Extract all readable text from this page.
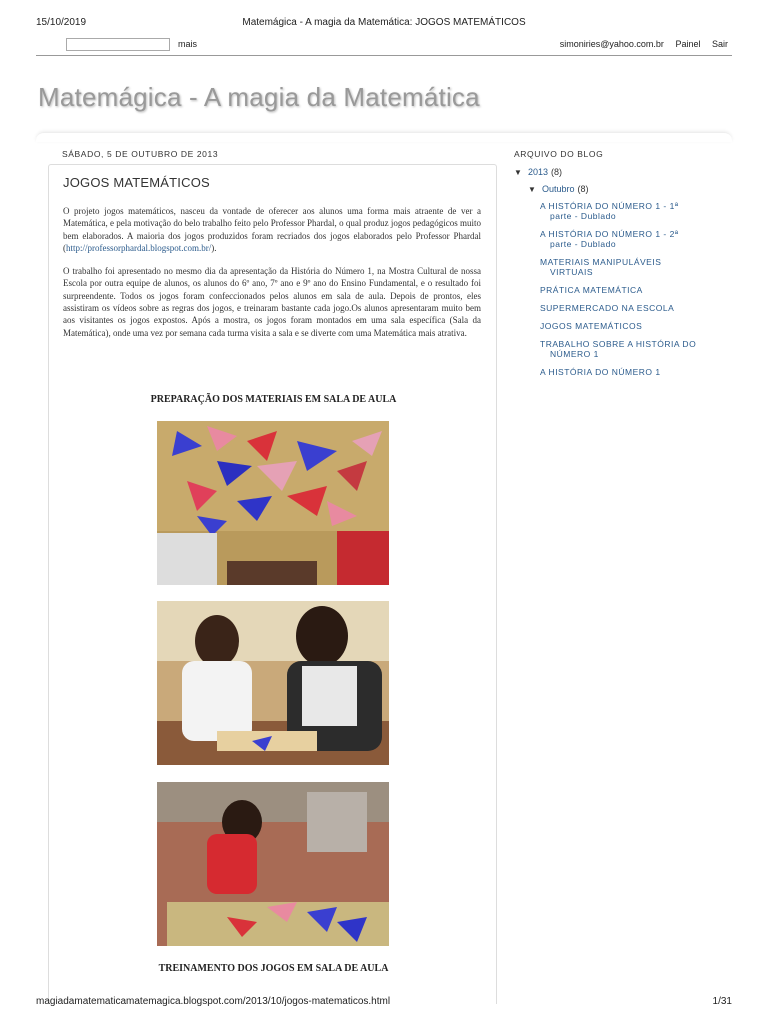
15/10/2019	Matemágica - A magia da Matemática: JOGOS MATEMÁTICOS
mais	simoniries@yahoo.com.br Painel Sair
Matemágica - A magia da Matemática
SÁBADO, 5 DE OUTUBRO DE 2013
JOGOS MATEMÁTICOS

O projeto jogos matemáticos, nasceu da vontade de oferecer aos alunos uma forma mais atraente de ver a Matemática, e pela motivação do belo trabalho feito pelo Professor Phardal, o qual produz jogos pedagógicos muito bem elaborados. A maioria dos jogos produzidos foram recriados dos jogos elaborados pelo Professor Phardal (http://professorphardal.blogspot.com.br/).

O trabalho foi apresentado no mesmo dia da apresentação da História do Número 1, na Mostra Cultural de nossa Escola por outra equipe de alunos, os alunos do 6º ano, 7º ano e 9º ano do Ensino Fundamental, e o resultado foi surpreendente. Todos os jogos foram confeccionados pelos alunos em sala de aula. Depois de prontos, eles assistiram os vídeos sobre as regras dos jogos, e treinaram bastante cada jogo.Os alunos apresentaram muito bem aos visitantes os jogos expostos. Após a mostra, os jogos foram montados em uma sala específica (Sala da Matemática), onde uma vez por semana cada turma visita a sala e se diverte com uma Matemática mais atrativa.

PREPARAÇÃO DOS MATERIAIS EM SALA DE AULA
TREINAMENTO DOS JOGOS EM SALA DE AULA
ARQUIVO DO BLOG
▼ 2013 (8)
▼ Outubro (8)
A HISTÓRIA DO NÚMERO 1 - 1ª
parte - Dublado
A HISTÓRIA DO NÚMERO 1 - 2ª
parte - Dublado
MATERIAIS MANIPULÁVEIS
VIRTUAIS
PRÁTICA MATEMÁTICA
SUPERMERCADO NA ESCOLA
JOGOS MATEMÁTICOS
TRABALHO SOBRE A HISTÓRIA DO
NÚMERO 1
A HISTÓRIA DO NÚMERO 1
magiadamatematicamatemagica.blogspot.com/2013/10/jogos-matematicos.html	1/31
